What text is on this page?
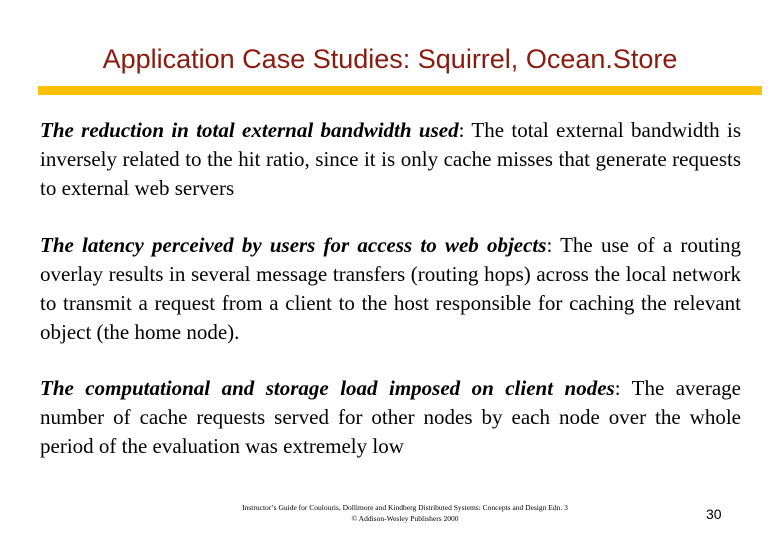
Application Case Studies: Squirrel, Ocean.Store

The reduction in total external bandwidth used: The total external bandwidth is inversely related to the hit ratio, since it is only cache misses that generate requests to external web servers

The latency perceived by users for access to web objects: The use of a routing overlay results in several message transfers (routing hops) across the local network to transmit a request from a client to the host responsible for caching the relevant object (the home node).

The computational and storage load imposed on client nodes: The average number of cache requests served for other nodes by each node over the whole period of the evaluation was extremely low

Instructor’s Guide for Coulouris, Dollimore and Kindberg Distributed Systems: Concepts and Design Edn. 3
© Addison-Wesley Publishers 2000	30
